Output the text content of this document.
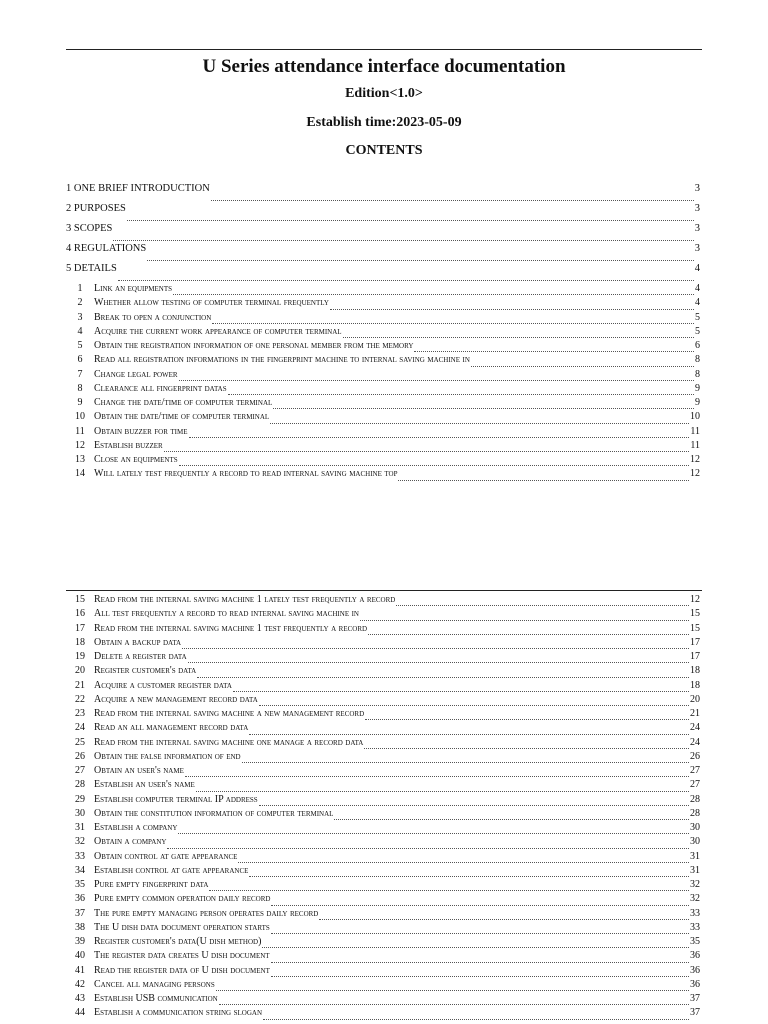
U Series attendance interface documentation
Edition<1.0>
Establish time:2023-05-09
CONTENTS
1 ONE BRIEF INTRODUCTION	3
2 PURPOSES	3
3 SCOPES	3
4 REGULATIONS	3
5 DETAILS	4
1	Link an equipments	4
2	Whether allow testing of computer terminal frequently	4
3	Break to open a conjunction	5
4	Acquire the current work appearance of computer terminal	5
5	Obtain the registration information of one personal member from the memory	6
6	Read all registration informations in the fingerprint machine to internal saving machine in	8
7	Change legal power	8
8	Clearance all fingerprint datas	9
9	Change the date/time of computer terminal	9
10 Obtain the date/time of computer terminal	10
11 Obtain buzzer for time	11
12 Establish buzzer	11
13 Close an equipments	12
14 Will lately test frequently a record to read internal saving machine top	12
15 Read from the internal saving machine 1 lately test frequently a record	12
16 All test frequently a record to read internal saving machine in	15
17 Read from the internal saving machine 1 test frequently a record	15
18 Obtain a backup data	17
19 Delete a register data	17
20 Register customer's data	18
21 Acquire a customer register data	18
22 Acquire a new management record data	20
23 Read from the internal saving machine a new management record	21
24 Read an all management record data	24
25 Read from the internal saving machine one manage a record data	24
26 Obtain the false information of end	26
27 Obtain an user's name	27
28 Establish an user's name	27
29 Establish computer terminal IP address	28
30 Obtain the constitution information of computer terminal	28
31 Establish a company	30
32 Obtain a company	30
33 Obtain control at gate appearance	31
34 Establish control at gate appearance	31
35 Pure empty fingerprint data	32
36 Pure empty common operation daily record	32
37 The pure empty managing person operates daily record	33
38 The U dish data document operation starts	33
39 Register customer's data(U dish method)	35
40 The register data creates U dish document	36
41 Read the register data of U dish document	36
42 Cancel all managing persons	36
43 Establish USB communication	37
44 Establish a communication string slogan	37
